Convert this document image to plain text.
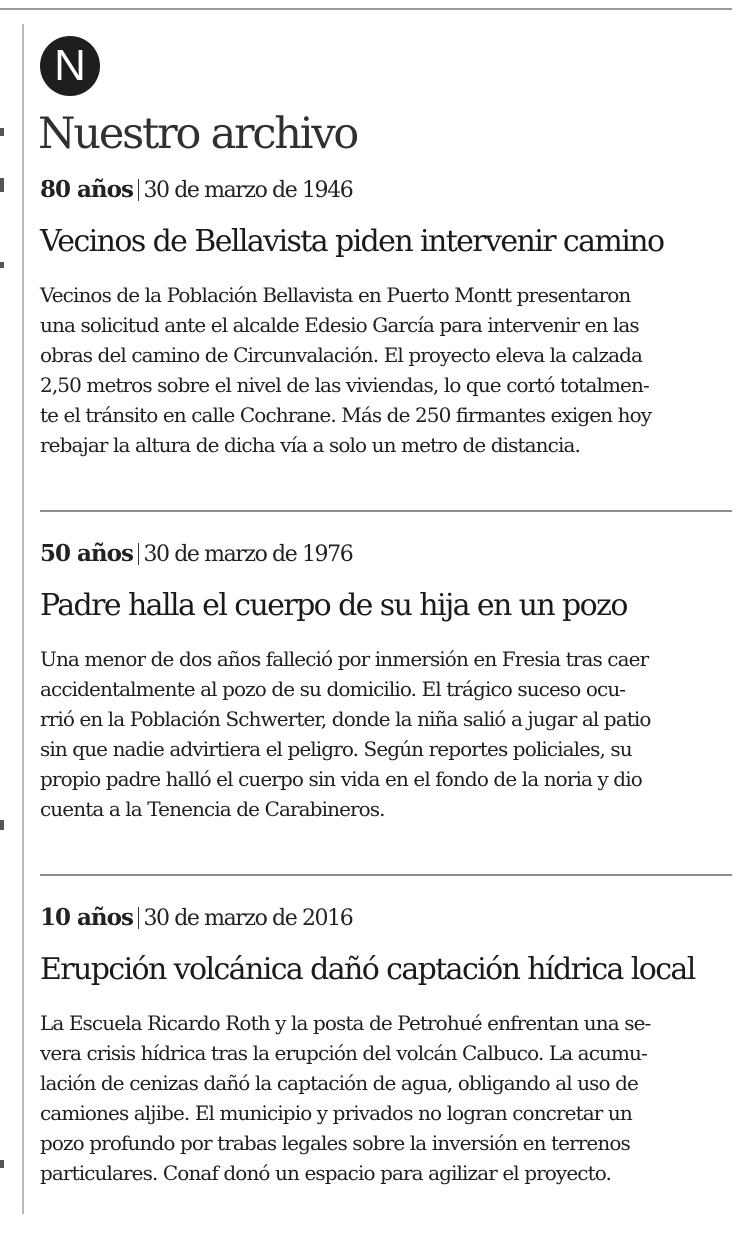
N
Nuestro archivo

80 años 30 de marzo de 1946

Vecinos de Bellavista piden intervenir camino

Vecinos de la Población Bellavista en Puerto Montt presentaron
una solicitud ante el alcalde Edesio García para intervenir en las
obras del camino de Circunvalación. El proyecto eleva la calzada
2,50 metros sobre el nivel de las viviendas, lo que cortó totalmen-
te el tránsito en calle Cochrane. Más de 250 firmantes exigen hoy
rebajar la altura de dicha vía a solo un metro de distancia.

50 años 30 de marzo de 1976

Padre halla el cuerpo de su hija en un pozo

Una menor de dos años falleció por inmersión en Fresia tras caer
accidentalmente al pozo de su domicilio. El trágico suceso ocu-
rrió en la Población Schwerter, donde la niña salió a jugar al patio
sin que nadie advirtiera el peligro. Según reportes policiales, su
propio padre halló el cuerpo sin vida en el fondo de la noria y dio
cuenta a la Tenencia de Carabineros.

10 años 30 de marzo de 2016

Erupción volcánica dañó captación hídrica local

La Escuela Ricardo Roth y la posta de Petrohué enfrentan una se-
vera crisis hídrica tras la erupción del volcán Calbuco. La acumu-
lación de cenizas dañó la captación de agua, obligando al uso de
camiones aljibe. El municipio y privados no logran concretar un
pozo profundo por trabas legales sobre la inversión en terrenos
particulares. Conaf donó un espacio para agilizar el proyecto.
